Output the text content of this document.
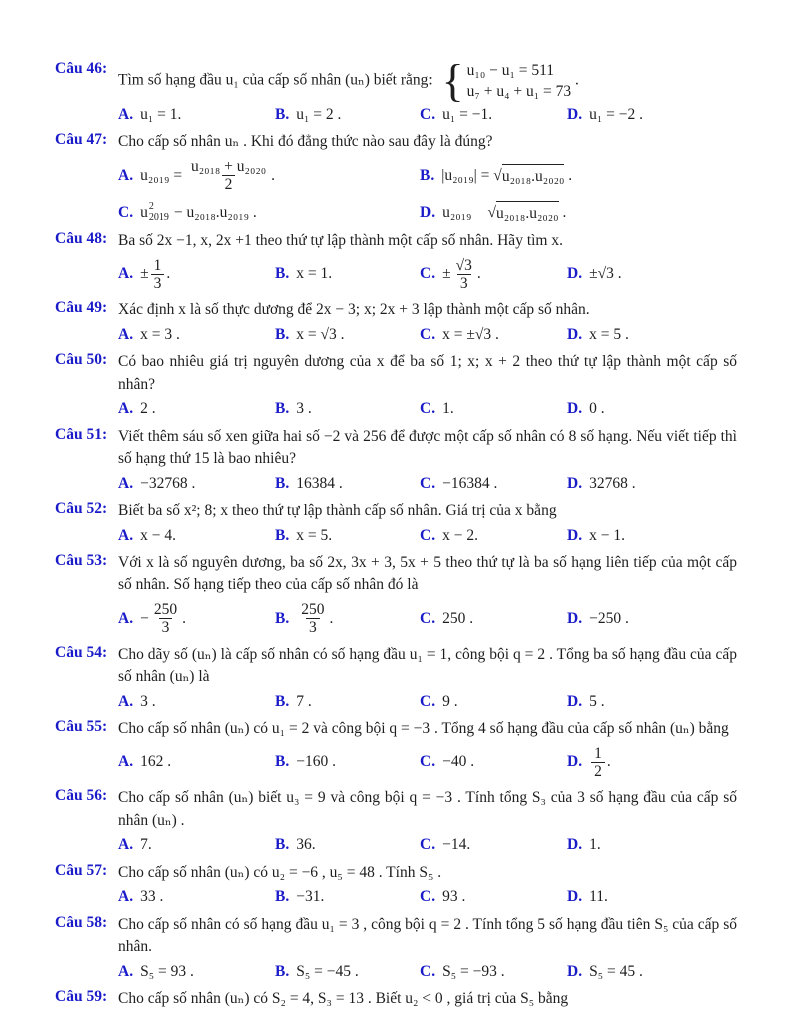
Câu 46:
Tìm số hạng đầu u₁ của cấp số nhân (uₙ) biết rằng: { u₁₀ − u₁ = 511
u₇ + u₄ + u₁ = 73
.
A. u₁ = 1.	B. u₁ = 2 .	C. u₁ = −1.	D. u₁ = −2 .
Câu 47: Cho cấp số nhân uₙ . Khi đó đẳng thức nào sau đây là đúng?
A. $u_{2019} = \frac{\text{u₂₀₁₈ + u₂₀₂₀}}{2}$ .	B. |u₂₀₁₉| = √ u₂₀₁₈.u₂₀₂₀ .
C. u 2
2019 − u₂₀₁₈.u₂₀₁₉ .	D. u₂₀₁₉ √ u₂₀₁₈.u₂₀₂₀ .
Câu 48: Ba số 2x −1, x, 2x +1 theo thứ tự lập thành một cấp số nhân. Hãy tìm x.
A. ± $\frac{1}{3}$ .	B. x = 1.	C. ± $\frac{√3}{3}$ .	D. ±√3 .
Câu 49: Xác định x là số thực dương để 2x − 3; x; 2x + 3 lập thành một cấp số nhân.
A. x = 3 .	B. x = √3 .	C. x = ±√3 .	D. x = 5 .
Câu 50: Có bao nhiêu giá trị nguyên dương của x để ba số 1; x; x + 2 theo thứ tự lập thành một cấp số nhân?
A. 2 .	B. 3 .	C. 1.	D. 0 .
Câu 51: Viết thêm sáu số xen giữa hai số −2 và 256 để được một cấp số nhân có 8 số hạng. Nếu viết tiếp thì số hạng thứ 15 là bao nhiêu?
A. −32768 .	B. 16384 .	C. −16384 .	D. 32768 .
Câu 52: Biết ba số x²; 8; x theo thứ tự lập thành cấp số nhân. Giá trị của x bằng
A. x − 4.	B. x = 5.	C. x − 2.	D. x − 1.
Câu 53: Với x là số nguyên dương, ba số 2x, 3x + 3, 5x + 5 theo thứ tự là ba số hạng liên tiếp của một cấp số nhân. Số hạng tiếp theo của cấp số nhân đó là
A. − $\frac{250}{3}$ .	B. $\frac{250}{3}$ .	C. 250 .	D. −250 .
Câu 54: Cho dãy số (uₙ) là cấp số nhân có số hạng đầu u₁ = 1, công bội q = 2 . Tổng ba số hạng đầu của cấp số nhân (uₙ) là
A. 3 .	B. 7 .	C. 9 .	D. 5 .
Câu 55: Cho cấp số nhân (uₙ) có u₁ = 2 và công bội q = −3 . Tổng 4 số hạng đầu của cấp số nhân (uₙ) bằng
A. 162 .	B. −160 .	C. −40 .	D. $\frac{1}{2}$ .
Câu 56: Cho cấp số nhân (uₙ) biết u₃ = 9 và công bội q = −3 . Tính tổng S₃ của 3 số hạng đầu của cấp số nhân (uₙ) .
A. 7.	B. 36.	C. −14.	D. 1.
Câu 57: Cho cấp số nhân (uₙ) có u₂ = −6 , u₅ = 48 . Tính S₅ .
A. 33 .	B. −31.	C. 93 .	D. 11.
Câu 58: Cho cấp số nhân có số hạng đầu u₁ = 3 , công bội q = 2 . Tính tổng 5 số hạng đầu tiên S₅ của cấp số nhân.
A. S₅ = 93 .	B. S₅ = −45 .	C. S₅ = −93 .	D. S₅ = 45 .
Câu 59: Cho cấp số nhân (uₙ) có S₂ = 4, S₃ = 13 . Biết u₂ < 0 , giá trị của S₅ bằng
